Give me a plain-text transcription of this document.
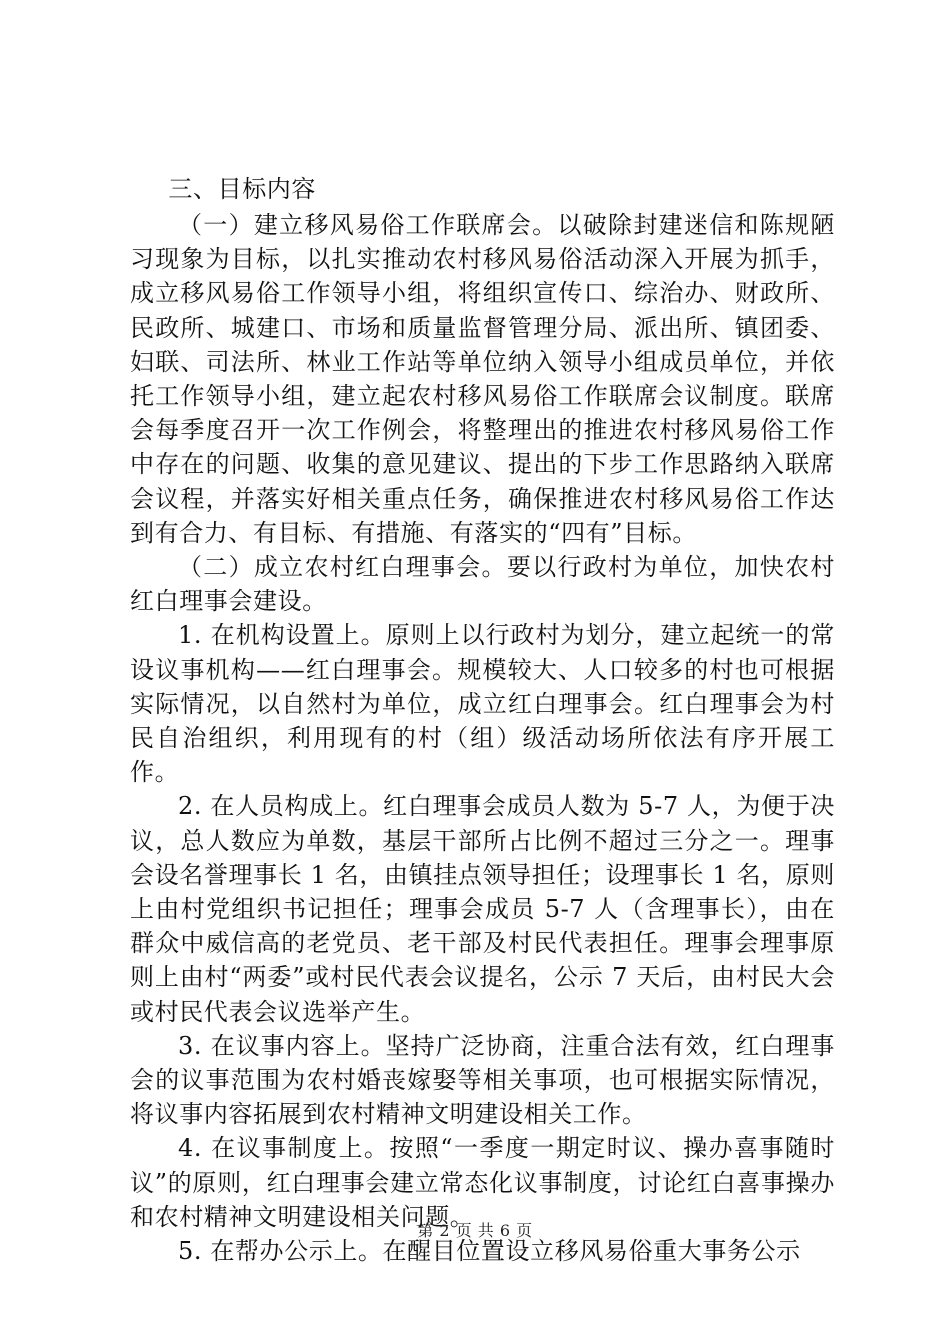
三、目标内容

（一）建立移风易俗工作联席会。以破除封建迷信和陈规陋习现象为目标，以扎实推动农村移风易俗活动深入开展为抓手，成立移风易俗工作领导小组，将组织宣传口、综治办、财政所、民政所、城建口、市场和质量监督管理分局、派出所、镇团委、妇联、司法所、林业工作站等单位纳入领导小组成员单位，并依托工作领导小组，建立起农村移风易俗工作联席会议制度。联席会每季度召开一次工作例会，将整理出的推进农村移风易俗工作中存在的问题、收集的意见建议、提出的下步工作思路纳入联席会议程，并落实好相关重点任务，确保推进农村移风易俗工作达到有合力、有目标、有措施、有落实的“四有”目标。

（二）成立农村红白理事会。要以行政村为单位，加快农村红白理事会建设。

1. 在机构设置上。原则上以行政村为划分，建立起统一的常设议事机构——红白理事会。规模较大、人口较多的村也可根据实际情况，以自然村为单位，成立红白理事会。红白理事会为村民自治组织，利用现有的村（组）级活动场所依法有序开展工作。

2. 在人员构成上。红白理事会成员人数为 5-7 人，为便于决议，总人数应为单数，基层干部所占比例不超过三分之一。理事会设名誉理事长 1 名，由镇挂点领导担任；设理事长 1 名，原则上由村党组织书记担任；理事会成员 5-7 人（含理事长），由在群众中威信高的老党员、老干部及村民代表担任。理事会理事原则上由村“两委”或村民代表会议提名，公示 7 天后，由村民大会或村民代表会议选举产生。

3. 在议事内容上。坚持广泛协商，注重合法有效，红白理事会的议事范围为农村婚丧嫁娶等相关事项，也可根据实际情况，将议事内容拓展到农村精神文明建设相关工作。

4. 在议事制度上。按照“一季度一期定时议、操办喜事随时议”的原则，红白理事会建立常态化议事制度，讨论红白喜事操办和农村精神文明建设相关问题。

5. 在帮办公示上。在醒目位置设立移风易俗重大事务公示

第 2 页 共 6 页
